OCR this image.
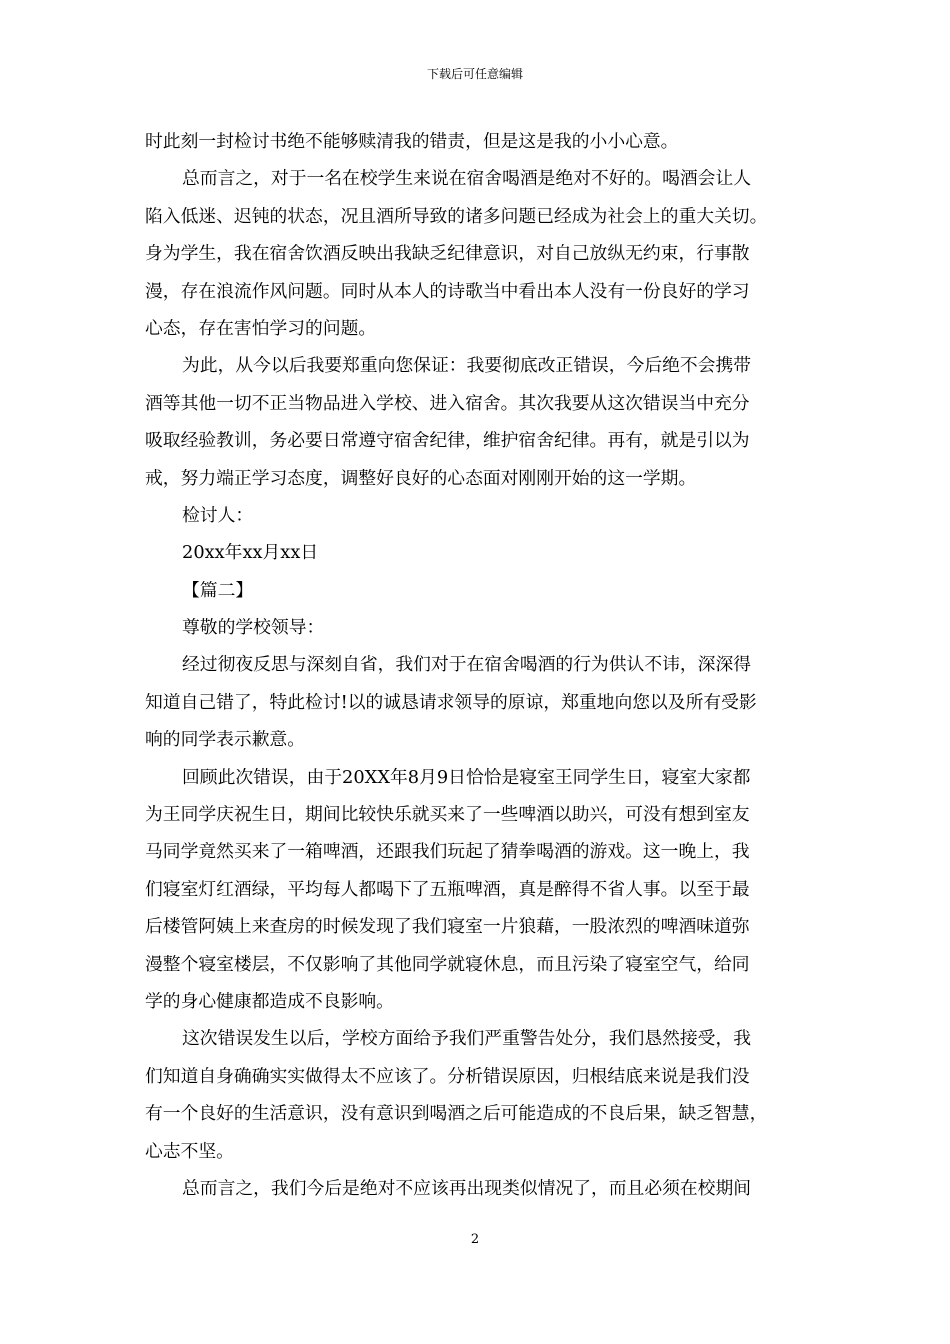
下载后可任意编辑
时此刻一封检讨书绝不能够赎清我的错责，但是这是我的小小心意。
总而言之，对于一名在校学生来说在宿舍喝酒是绝对不好的。喝酒会让人
陷入低迷、迟钝的状态，况且酒所导致的诸多问题已经成为社会上的重大关切。
身为学生，我在宿舍饮酒反映出我缺乏纪律意识，对自己放纵无约束，行事散
漫，存在浪流作风问题。同时从本人的诗歌当中看出本人没有一份良好的学习
心态，存在害怕学习的问题。
为此，从今以后我要郑重向您保证：我要彻底改正错误，今后绝不会携带
酒等其他一切不正当物品进入学校、进入宿舍。其次我要从这次错误当中充分
吸取经验教训，务必要日常遵守宿舍纪律，维护宿舍纪律。再有，就是引以为
戒，努力端正学习态度，调整好良好的心态面对刚刚开始的这一学期。
检讨人：
20xx年xx月xx日
【篇二】
尊敬的学校领导：
经过彻夜反思与深刻自省，我们对于在宿舍喝酒的行为供认不讳，深深得
知道自己错了，特此检讨!以的诚恳请求领导的原谅，郑重地向您以及所有受影
响的同学表示歉意。
回顾此次错误，由于20XX年8月9日恰恰是寝室王同学生日，寝室大家都
为王同学庆祝生日，期间比较快乐就买来了一些啤酒以助兴，可没有想到室友
马同学竟然买来了一箱啤酒，还跟我们玩起了猜拳喝酒的游戏。这一晚上，我
们寝室灯红酒绿，平均每人都喝下了五瓶啤酒，真是醉得不省人事。以至于最
后楼管阿姨上来查房的时候发现了我们寝室一片狼藉，一股浓烈的啤酒味道弥
漫整个寝室楼层，不仅影响了其他同学就寝休息，而且污染了寝室空气，给同
学的身心健康都造成不良影响。
这次错误发生以后，学校方面给予我们严重警告处分，我们恳然接受，我
们知道自身确确实实做得太不应该了。分析错误原因，归根结底来说是我们没
有一个良好的生活意识，没有意识到喝酒之后可能造成的不良后果，缺乏智慧，
心志不坚。
总而言之，我们今后是绝对不应该再出现类似情况了，而且必须在校期间
2
